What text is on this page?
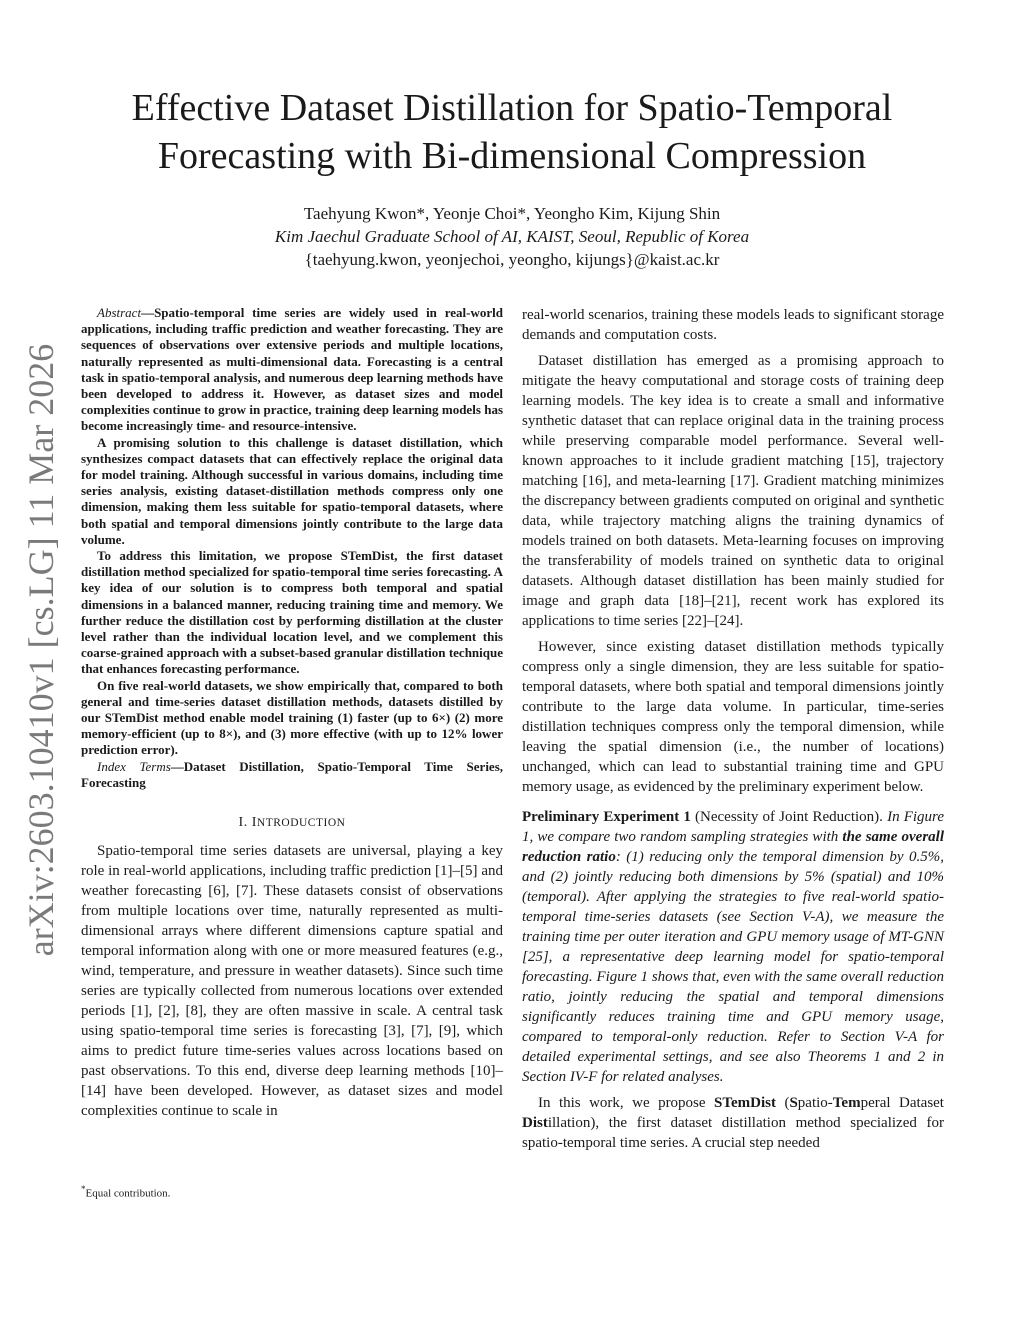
Effective Dataset Distillation for Spatio-Temporal
Forecasting with Bi-dimensional Compression
Taehyung Kwon*, Yeonje Choi*, Yeongho Kim, Kijung Shin
Kim Jaechul Graduate School of AI, KAIST, Seoul, Republic of Korea
{taehyung.kwon, yeonjechoi, yeongho, kijungs}@kaist.ac.kr
arXiv:2603.10410v1 [cs.LG] 11 Mar 2026

Abstract—Spatio-temporal time series are widely used in real-world applications, including traffic prediction and weather forecasting. They are sequences of observations over extensive periods and multiple locations, naturally represented as multi-dimensional data. Forecasting is a central task in spatio-temporal analysis, and numerous deep learning methods have been developed to address it. However, as dataset sizes and model complexities continue to grow in practice, training deep learning models has become increasingly time- and resource-intensive.

A promising solution to this challenge is dataset distillation, which synthesizes compact datasets that can effectively replace the original data for model training. Although successful in various domains, including time series analysis, existing dataset-distillation methods compress only one dimension, making them less suitable for spatio-temporal datasets, where both spatial and temporal dimensions jointly contribute to the large data volume.

To address this limitation, we propose STemDist, the first dataset distillation method specialized for spatio-temporal time series forecasting. A key idea of our solution is to compress both temporal and spatial dimensions in a balanced manner, reducing training time and memory. We further reduce the distillation cost by performing distillation at the cluster level rather than the individual location level, and we complement this coarse-grained approach with a subset-based granular distillation technique that enhances forecasting performance.

On five real-world datasets, we show empirically that, compared to both general and time-series dataset distillation methods, datasets distilled by our STemDist method enable model training (1) faster (up to 6×) (2) more memory-efficient (up to 8×), and (3) more effective (with up to 12% lower prediction error).

Index Terms—Dataset Distillation, Spatio-Temporal Time Series, Forecasting

I. INTRODUCTION

Spatio-temporal time series datasets are universal, playing a key role in real-world applications, including traffic prediction [1]–[5] and weather forecasting [6], [7]. These datasets consist of observations from multiple locations over time, naturally represented as multi-dimensional arrays where different dimensions capture spatial and temporal information along with one or more measured features (e.g., wind, temperature, and pressure in weather datasets). Since such time series are typically collected from numerous locations over extended periods [1], [2], [8], they are often massive in scale. A central task using spatio-temporal time series is forecasting [3], [7], [9], which aims to predict future time-series values across locations based on past observations. To this end, diverse deep learning methods [10]–[14] have been developed. However, as dataset sizes and model complexities continue to scale in

*Equal contribution.

real-world scenarios, training these models leads to significant storage demands and computation costs.

Dataset distillation has emerged as a promising approach to mitigate the heavy computational and storage costs of training deep learning models. The key idea is to create a small and informative synthetic dataset that can replace original data in the training process while preserving comparable model performance. Several well-known approaches to it include gradient matching [15], trajectory matching [16], and meta-learning [17]. Gradient matching minimizes the discrepancy between gradients computed on original and synthetic data, while trajectory matching aligns the training dynamics of models trained on both datasets. Meta-learning focuses on improving the transferability of models trained on synthetic data to original datasets. Although dataset distillation has been mainly studied for image and graph data [18]–[21], recent work has explored its applications to time series [22]–[24].

However, since existing dataset distillation methods typically compress only a single dimension, they are less suitable for spatio-temporal datasets, where both spatial and temporal dimensions jointly contribute to the large data volume. In particular, time-series distillation techniques compress only the temporal dimension, while leaving the spatial dimension (i.e., the number of locations) unchanged, which can lead to substantial training time and GPU memory usage, as evidenced by the preliminary experiment below.

Preliminary Experiment 1 (Necessity of Joint Reduction). In Figure 1, we compare two random sampling strategies with the same overall reduction ratio: (1) reducing only the temporal dimension by 0.5%, and (2) jointly reducing both dimensions by 5% (spatial) and 10% (temporal). After applying the strategies to five real-world spatio-temporal time-series datasets (see Section V-A), we measure the training time per outer iteration and GPU memory usage of MT-GNN [25], a representative deep learning model for spatio-temporal forecasting. Figure 1 shows that, even with the same overall reduction ratio, jointly reducing the spatial and temporal dimensions significantly reduces training time and GPU memory usage, compared to temporal-only reduction. Refer to Section V-A for detailed experimental settings, and see also Theorems 1 and 2 in Section IV-F for related analyses.

In this work, we propose STemDist (Spatio-Temperal Dataset Distillation), the first dataset distillation method specialized for spatio-temporal time series. A crucial step needed
